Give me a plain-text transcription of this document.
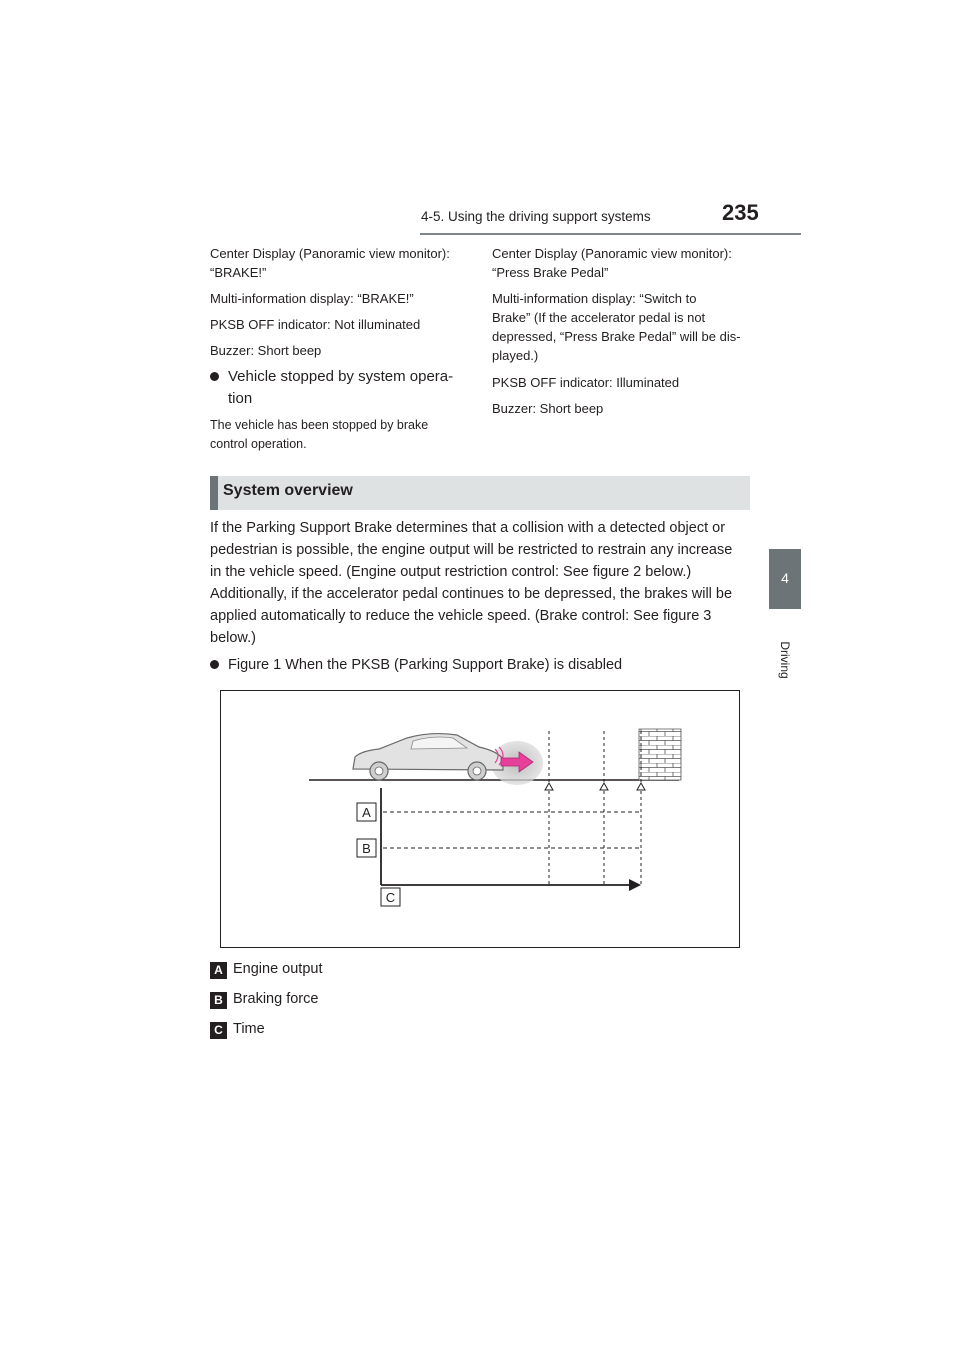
4-5. Using the driving support systems	235
4
Driving
Center Display (Panoramic view monitor):
“BRAKE!”
Multi-information display: “BRAKE!”
PKSB OFF indicator: Not illuminated
Buzzer: Short beep
Vehicle stopped by system opera-
tion
The vehicle has been stopped by brake
control operation.
Center Display (Panoramic view monitor):
“Press Brake Pedal”
Multi-information display: “Switch to
Brake” (If the accelerator pedal is not
depressed, “Press Brake Pedal” will be dis-
played.)
PKSB OFF indicator: Illuminated
Buzzer: Short beep
System overview
If the Parking Support Brake determines that a collision with a detected object or
pedestrian is possible, the engine output will be restricted to restrain any increase
in the vehicle speed. (Engine output restriction control: See figure 2 below.)
Additionally, if the accelerator pedal continues to be depressed, the brakes will be
applied automatically to reduce the vehicle speed. (Brake control: See figure 3
below.)
Figure 1 When the PKSB (Parking Support Brake) is disabled
A
B
C
A Engine output
B Braking force
C Time
